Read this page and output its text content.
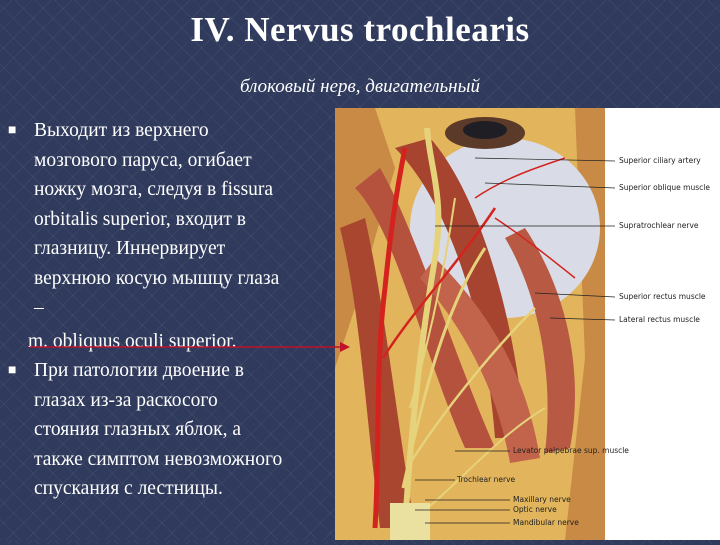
IV. Nervus trochlearis
блоковый нерв, двигательный
■ Выходит из верхнего
мозгового паруса, огибает
ножку мозга, следуя в fissura
orbitalis superior, входит в
глазницу. Иннервирует
верхнюю косую мышцу глаза
–
m. obliquus oculi superior.
■ При патологии двоение в
глазах из-за раскосого
стояния глазных яблок, а
также симптом невозможного
спускания с лестницы.
Superior ciliary artery
Superior oblique muscle
Supratrochlear nerve
Superior rectus muscle
Lateral rectus muscle
Levator palpebrae sup. muscle
Trochlear nerve
Maxillary nerve
Optic nerve
Mandibular nerve
